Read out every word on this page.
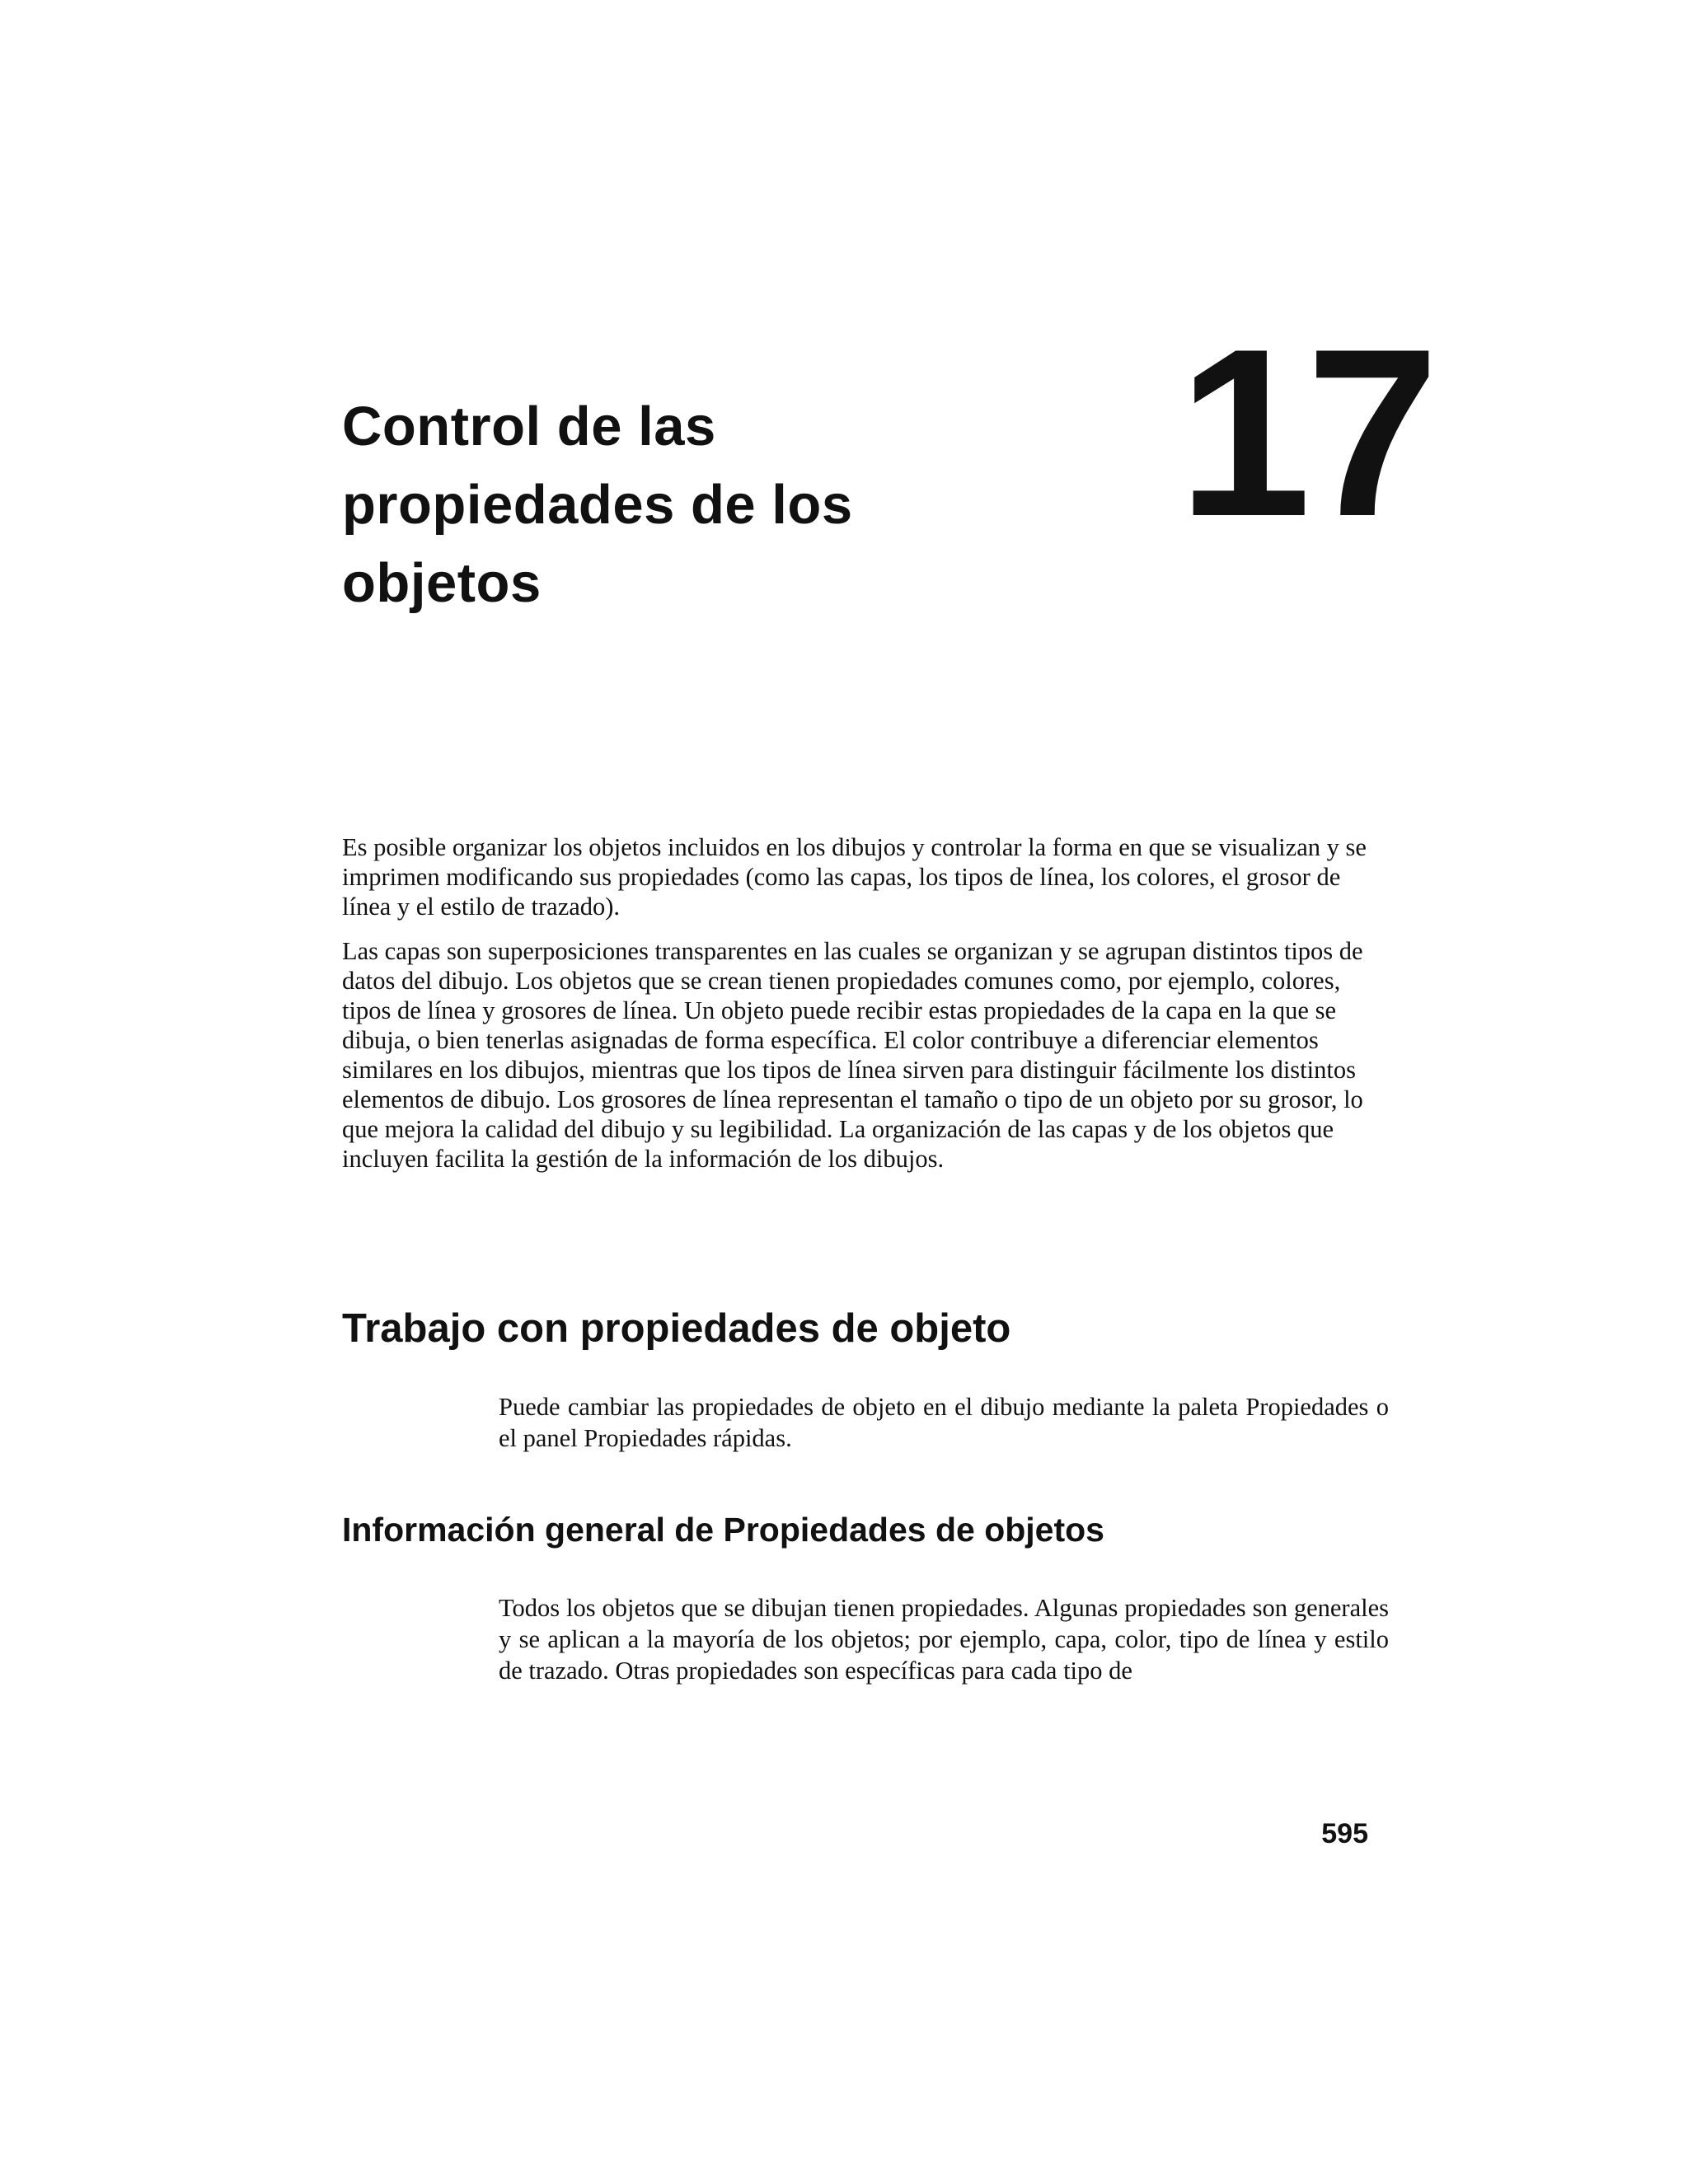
Control de las propiedades de los objetos
17

Es posible organizar los objetos incluidos en los dibujos y controlar la forma en que se visualizan y se imprimen modificando sus propiedades (como las capas, los tipos de línea, los colores, el grosor de línea y el estilo de trazado).

Las capas son superposiciones transparentes en las cuales se organizan y se agrupan distintos tipos de datos del dibujo. Los objetos que se crean tienen propiedades comunes como, por ejemplo, colores, tipos de línea y grosores de línea. Un objeto puede recibir estas propiedades de la capa en la que se dibuja, o bien tenerlas asignadas de forma específica. El color contribuye a diferenciar elementos similares en los dibujos, mientras que los tipos de línea sirven para distinguir fácilmente los distintos elementos de dibujo. Los grosores de línea representan el tamaño o tipo de un objeto por su grosor, lo que mejora la calidad del dibujo y su legibilidad. La organización de las capas y de los objetos que incluyen facilita la gestión de la información de los dibujos.

Trabajo con propiedades de objeto

Puede cambiar las propiedades de objeto en el dibujo mediante la paleta Propiedades o el panel Propiedades rápidas.

Información general de Propiedades de objetos

Todos los objetos que se dibujan tienen propiedades. Algunas propiedades son generales y se aplican a la mayoría de los objetos; por ejemplo, capa, color, tipo de línea y estilo de trazado. Otras propiedades son específicas para cada tipo de

595
